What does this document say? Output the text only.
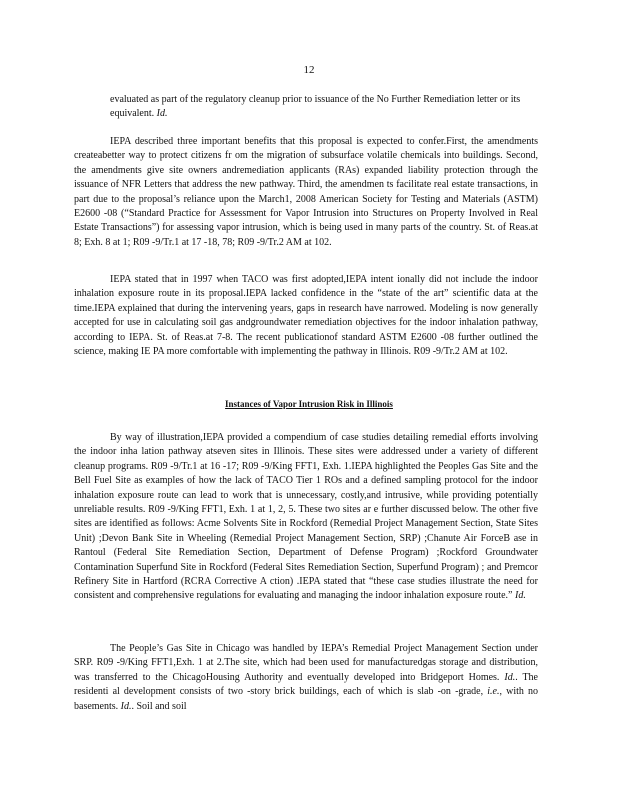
12

evaluated as part of the regulatory cleanup prior to issuance of the No Further Remediation letter or its equivalent. Id.

IEPA described three important benefits that this proposal is expected to confer.First, the amendments createabetter way to protect citizens fr om the migration of subsurface volatile chemicals into buildings. Second, the amendments give site owners andremediation applicants (RAs) expanded liability protection through the issuance of NFR Letters that address the new pathway. Third, the amendmen ts facilitate real estate transactions, in part due to the proposal’s reliance upon the March1, 2008 American Society for Testing and Materials (ASTM) E2600 -08 (“Standard Practice for Assessment for Vapor Intrusion into Structures on Property Involved in Real Estate Transactions”) for assessing vapor intrusion, which is being used in many parts of the country. St. of Reas.at 8; Exh. 8 at 1; R09 -9/Tr.1 at 17 -18, 78; R09 -9/Tr.2 AM at 102.

IEPA stated that in 1997 when TACO was first adopted,IEPA intent ionally did not include the indoor inhalation exposure route in its proposal.IEPA lacked confidence in the “state of the art” scientific data at the time.IEPA explained that during the intervening years, gaps in research have narrowed. Modeling is now generally accepted for use in calculating soil gas andgroundwater remediation objectives for the indoor inhalation pathway, according to IEPA. St. of Reas.at 7-8. The recent publicationof standard ASTM E2600 -08 further outlined the science, making IE PA more comfortable with implementing the pathway in Illinois. R09 -9/Tr.2 AM at 102.

Instances of Vapor Intrusion Risk in Illinois

By way of illustration,IEPA provided a compendium of case studies detailing remedial efforts involving the indoor inha lation pathway atseven sites in Illinois. These sites were addressed under a variety of different cleanup programs. R09 -9/Tr.1 at 16 -17; R09 -9/King FFT1, Exh. 1.IEPA highlighted the Peoples Gas Site and the Bell Fuel Site as examples of how the lack of TACO Tier 1 ROs and a defined sampling protocol for the indoor inhalation exposure route can lead to work that is unnecessary, costly,and intrusive, while providing potentially unreliable results. R09 -9/King FFT1, Exh. 1 at 1, 2, 5. These two sites ar e further discussed below. The other five sites are identified as follows: Acme Solvents Site in Rockford (Remedial Project Management Section, State Sites Unit) ;Devon Bank Site in Wheeling (Remedial Project Management Section, SRP) ;Chanute Air ForceB ase in Rantoul (Federal Site Remediation Section, Department of Defense Program) ;Rockford Groundwater Contamination Superfund Site in Rockford (Federal Sites Remediation Section, Superfund Program) ; and Premcor Refinery Site in Hartford (RCRA Corrective A ction) .IEPA stated that “these case studies illustrate the need for consistent and comprehensive regulations for evaluating and managing the indoor inhalation exposure route.” Id.

The People’s Gas Site in Chicago was handled by IEPA’s Remedial Project Management Section under SRP. R09 -9/King FFT1,Exh. 1 at 2.The site, which had been used for manufacturedgas storage and distribution, was transferred to the ChicagoHousing Authority and eventually developed into Bridgeport Homes. Id.. The residenti al development consists of two -story brick buildings, each of which is slab -on -grade, i.e., with no basements. Id.. Soil and soil
